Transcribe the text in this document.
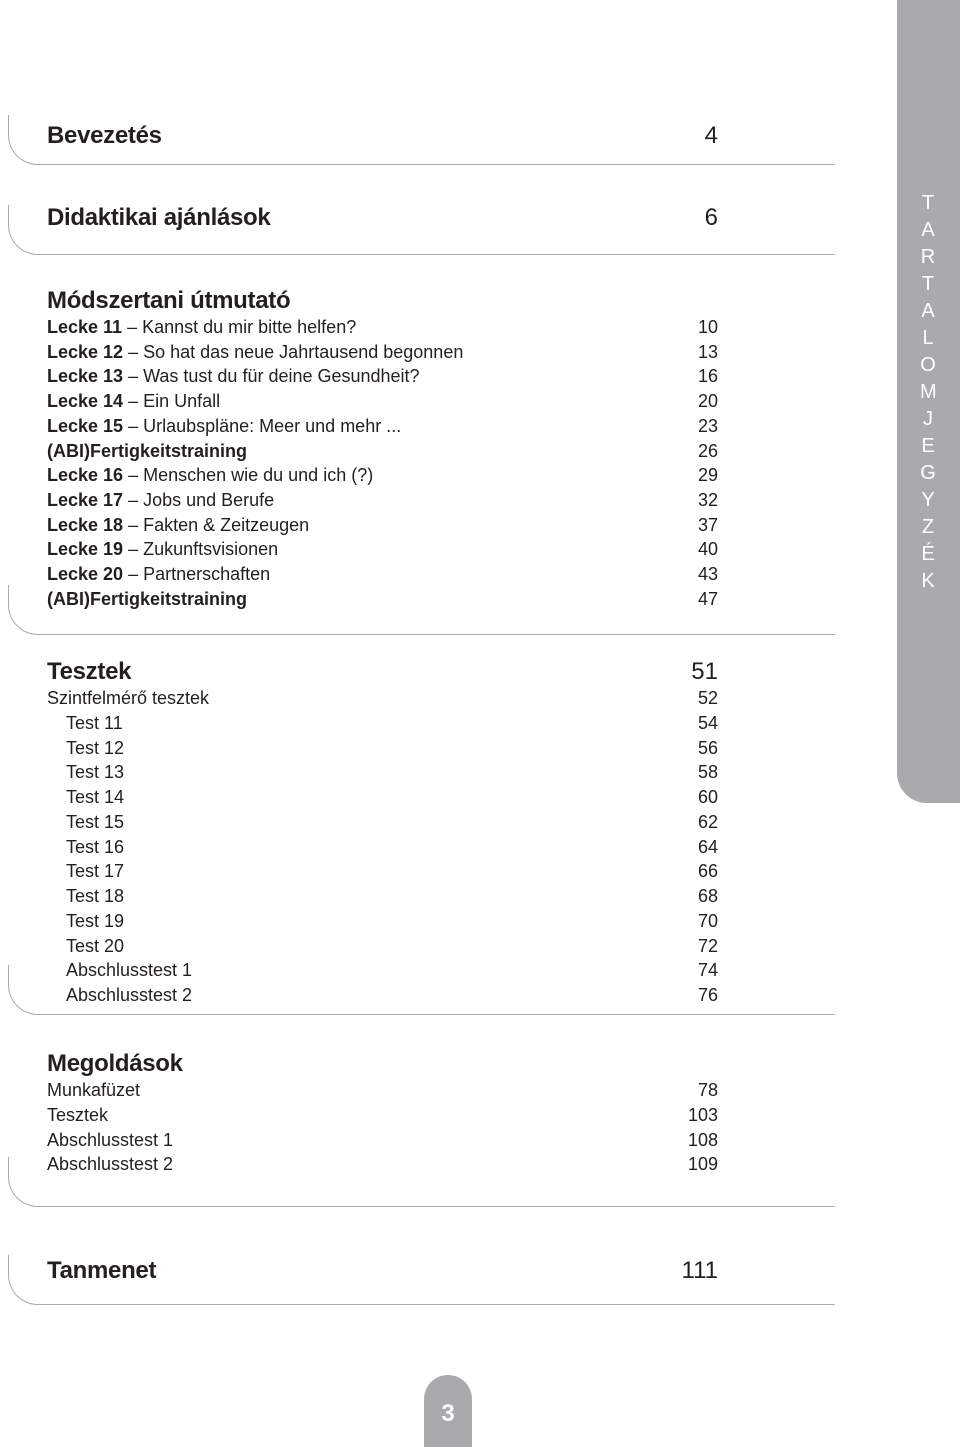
Bevezetés	4
Didaktikai ajánlások	6
Módszertani útmutató
Lecke 11 – Kannst du mir bitte helfen?	10
Lecke 12 – So hat das neue Jahrtausend begonnen	13
Lecke 13 – Was tust du für deine Gesundheit?	16
Lecke 14 – Ein Unfall	20
Lecke 15 – Urlaubspläne: Meer und mehr ...	23
(ABI)Fertigkeitstraining	26
Lecke 16 – Menschen wie du und ich (?)	29
Lecke 17 – Jobs und Berufe	32
Lecke 18 – Fakten & Zeitzeugen	37
Lecke 19 – Zukunftsvisionen	40
Lecke 20 – Partnerschaften	43
(ABI)Fertigkeitstraining	47
Tesztek	51
Szintfelmérő tesztek	52
Test 11	54
Test 12	56
Test 13	58
Test 14	60
Test 15	62
Test 16	64
Test 17	66
Test 18	68
Test 19	70
Test 20	72
Abschlusstest 1	74
Abschlusstest 2	76
Megoldások
Munkafüzet	78
Tesztek	103
Abschlusstest 1	108
Abschlusstest 2	109
Tanmenet	111
TARTALOMJEGYZÉK
3
